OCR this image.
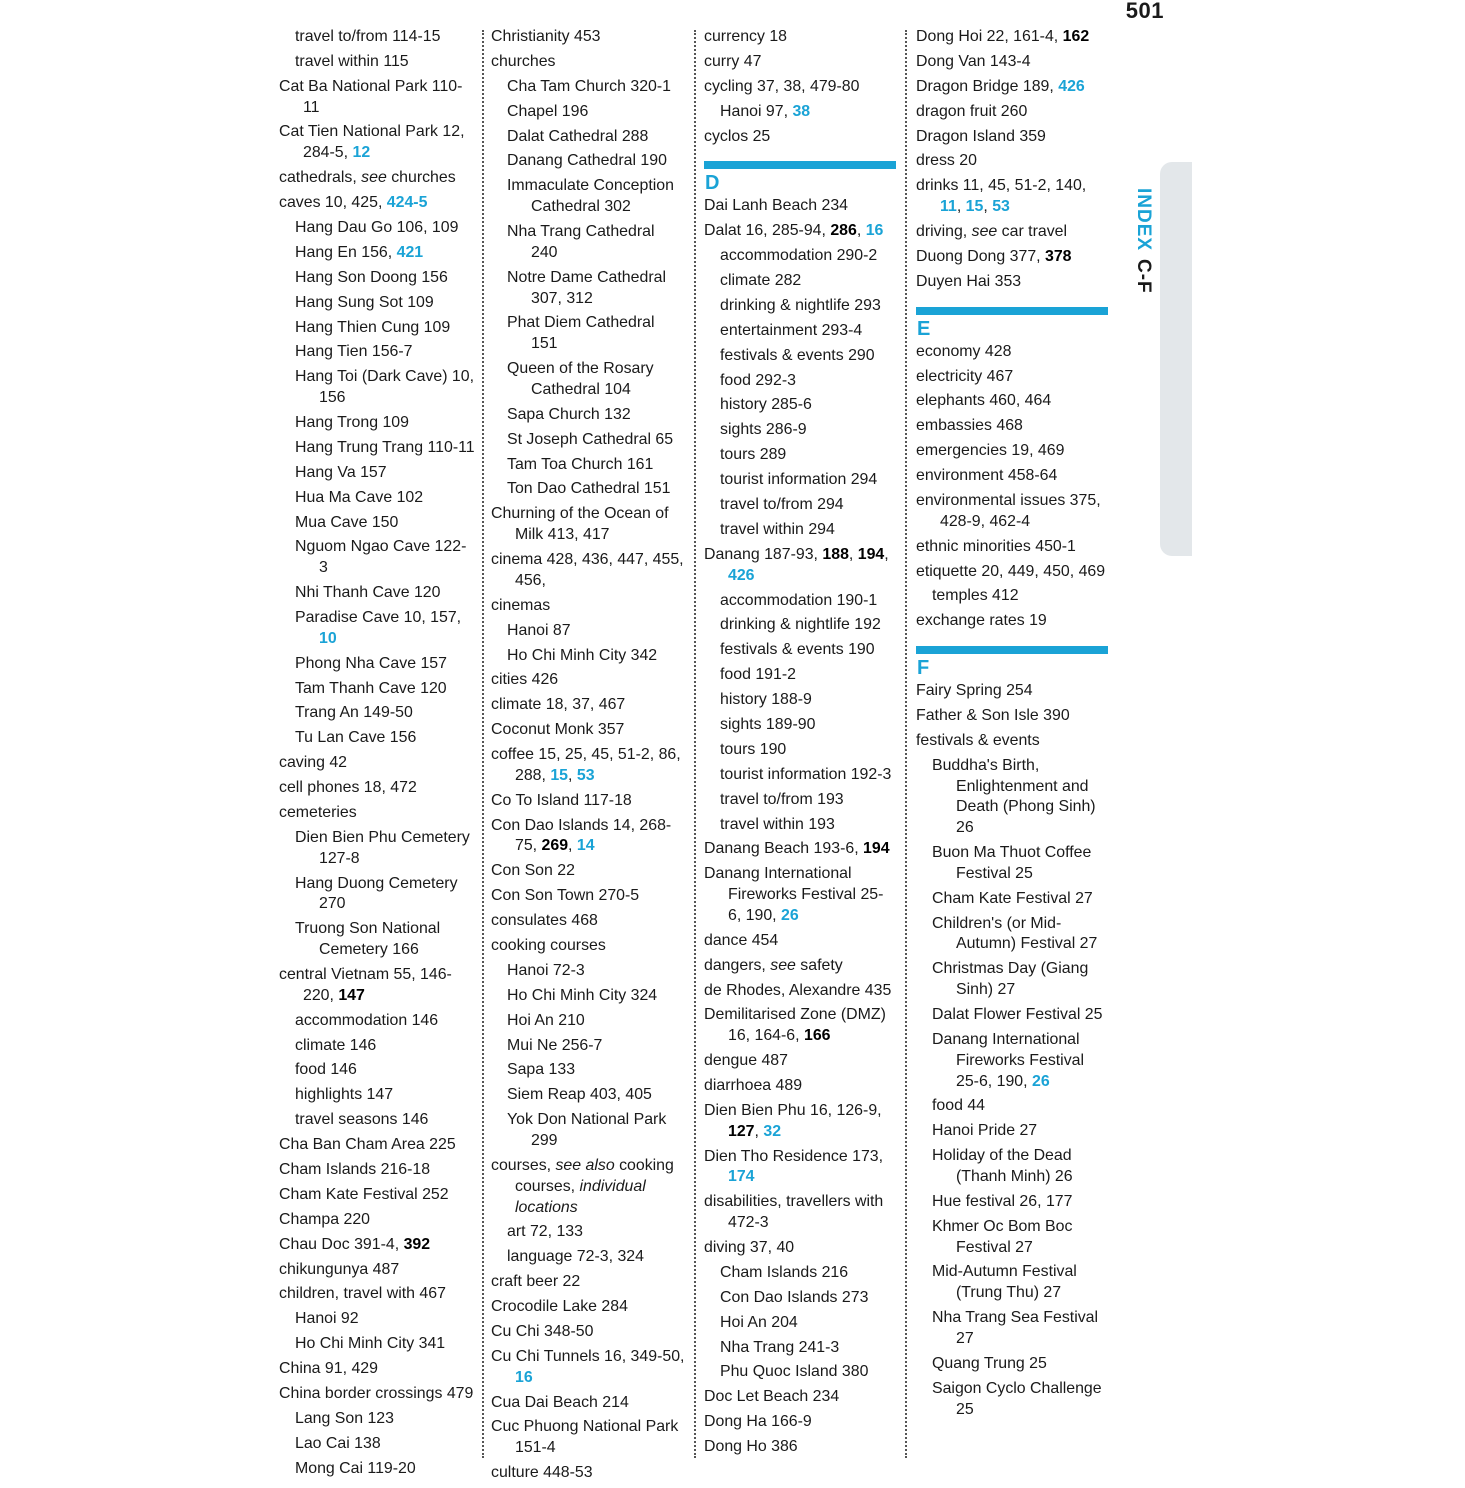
501
travel to/from 114-15
travel within 115
Cat Ba National Park 110-11
Cat Tien National Park 12, 284-5, 12
cathedrals, see churches
caves 10, 425, 424-5
Hang Dau Go 106, 109
Hang En 156, 421
Hang Son Doong 156
Hang Sung Sot 109
Hang Thien Cung 109
Hang Tien 156-7
Hang Toi (Dark Cave) 10, 156
Hang Trong 109
Hang Trung Trang 110-11
Hang Va 157
Hua Ma Cave 102
Mua Cave 150
Nguom Ngao Cave 122-3
Nhi Thanh Cave 120
Paradise Cave 10, 157, 10
Phong Nha Cave 157
Tam Thanh Cave 120
Trang An 149-50
Tu Lan Cave 156
caving 42
cell phones 18, 472
cemeteries
Dien Bien Phu Cemetery 127-8
Hang Duong Cemetery 270
Truong Son National Cemetery 166
central Vietnam 55, 146-220, 147
accommodation 146
climate 146
food 146
highlights 147
travel seasons 146
Cha Ban Cham Area 225
Cham Islands 216-18
Cham Kate Festival 252
Champa 220
Chau Doc 391-4, 392
chikungunya 487
children, travel with 467
Hanoi 92
Ho Chi Minh City 341
China 91, 429
China border crossings 479
Lang Son 123
Lao Cai 138
Mong Cai 119-20
Christianity 453
churches
Cha Tam Church 320-1
Chapel 196
Dalat Cathedral 288
Danang Cathedral 190
Immaculate Conception Cathedral 302
Nha Trang Cathedral 240
Notre Dame Cathedral 307, 312
Phat Diem Cathedral 151
Queen of the Rosary Cathedral 104
Sapa Church 132
St Joseph Cathedral 65
Tam Toa Church 161
Ton Dao Cathedral 151
Churning of the Ocean of Milk 413, 417
cinema 428, 436, 447, 455, 456,
cinemas
Hanoi 87
Ho Chi Minh City 342
cities 426
climate 18, 37, 467
Coconut Monk 357
coffee 15, 25, 45, 51-2, 86, 288, 15, 53
Co To Island 117-18
Con Dao Islands 14, 268-75, 269, 14
Con Son 22
Con Son Town 270-5
consulates 468
cooking courses
Hanoi 72-3
Ho Chi Minh City 324
Hoi An 210
Mui Ne 256-7
Sapa 133
Siem Reap 403, 405
Yok Don National Park 299
courses, see also cooking courses, individual locations
art 72, 133
language 72-3, 324
craft beer 22
Crocodile Lake 284
Cu Chi 348-50
Cu Chi Tunnels 16, 349-50, 16
Cua Dai Beach 214
Cuc Phuong National Park 151-4
culture 448-53
currency 18
curry 47
cycling 37, 38, 479-80
Hanoi 97, 38
cyclos 25
D
Dai Lanh Beach 234
Dalat 16, 285-94, 286, 16
accommodation 290-2
climate 282
drinking & nightlife 293
entertainment 293-4
festivals & events 290
food 292-3
history 285-6
sights 286-9
tours 289
tourist information 294
travel to/from 294
travel within 294
Danang 187-93, 188, 194, 426
accommodation 190-1
drinking & nightlife 192
festivals & events 190
food 191-2
history 188-9
sights 189-90
tours 190
tourist information 192-3
travel to/from 193
travel within 193
Danang Beach 193-6, 194
Danang International Fireworks Festival 25-6, 190, 26
dance 454
dangers, see safety
de Rhodes, Alexandre 435
Demilitarised Zone (DMZ) 16, 164-6, 166
dengue 487
diarrhoea 489
Dien Bien Phu 16, 126-9, 127, 32
Dien Tho Residence 173, 174
disabilities, travellers with 472-3
diving 37, 40
Cham Islands 216
Con Dao Islands 273
Hoi An 204
Nha Trang 241-3
Phu Quoc Island 380
Doc Let Beach 234
Dong Ha 166-9
Dong Ho 386
Dong Hoi 22, 161-4, 162
Dong Van 143-4
Dragon Bridge 189, 426
dragon fruit 260
Dragon Island 359
dress 20
drinks 11, 45, 51-2, 140, 11, 15, 53
driving, see car travel
Duong Dong 377, 378
Duyen Hai 353
E
economy 428
electricity 467
elephants 460, 464
embassies 468
emergencies 19, 469
environment 458-64
environmental issues 375, 428-9, 462-4
ethnic minorities 450-1
etiquette 20, 449, 450, 469
temples 412
exchange rates 19
F
Fairy Spring 254
Father & Son Isle 390
festivals & events
Buddha's Birth, Enlightenment and Death (Phong Sinh) 26
Buon Ma Thuot Coffee Festival 25
Cham Kate Festival 27
Children's (or Mid-Autumn) Festival 27
Christmas Day (Giang Sinh) 27
Dalat Flower Festival 25
Danang International Fireworks Festival 25-6, 190, 26
food 44
Hanoi Pride 27
Holiday of the Dead (Thanh Minh) 26
Hue festival 26, 177
Khmer Oc Bom Boc Festival 27
Mid-Autumn Festival (Trung Thu) 27
Nha Trang Sea Festival 27
Quang Trung 25
Saigon Cyclo Challenge 25
INDEXC-F
